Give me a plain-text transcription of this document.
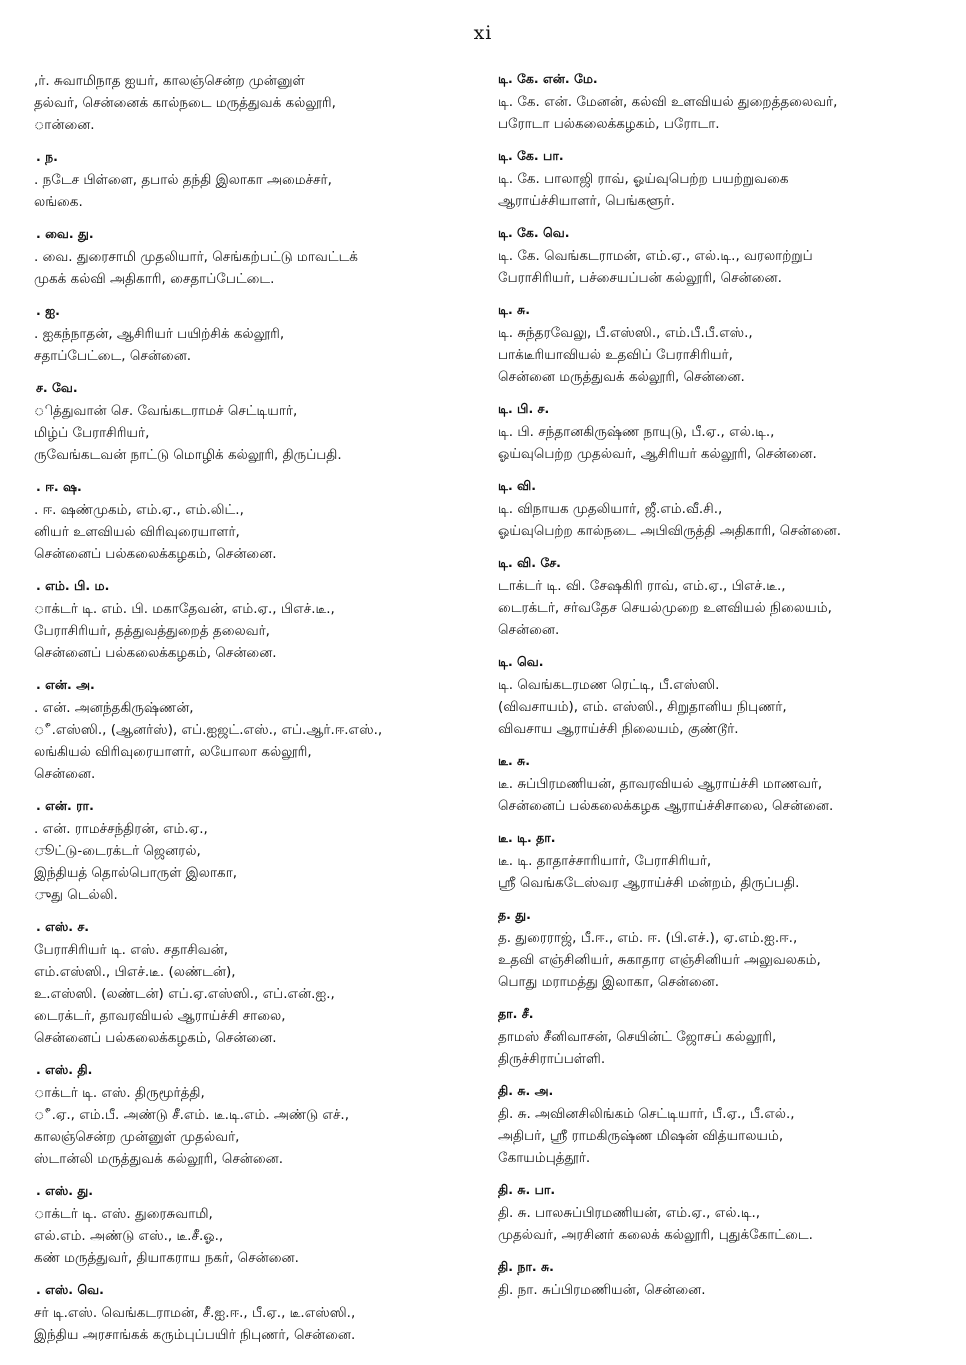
xi
,ர். சுவாமிநாத ஐயர், காலஞ்சென்ற முன்னுள்
தல்வர், சென்னைக் கால்நடை மருத்துவக் கல்லூரி,
ான்னை.
. ந.
. நடேச பிள்ளை, தபால் தந்தி இலாகா அமைச்சர்,
லங்கை.
. வை. து.
. வை. துரைசாமி முதலியார், செங்கற்பட்டு மாவட்டக்
முகக் கல்வி அதிகாரி, சைதாப்பேட்டை.
. ஐ.
. ஐகந்நாதன், ஆசிரியர் பயிற்சிக் கல்லூரி,
சதாப்பேட்டை, சென்னை.
ச. வே.
ித்துவான் செ. வேங்கடராமச் செட்டியார்,
மிழ்ப் பேராசிரியர்,
ருவேங்கடவன் நாட்டு மொழிக் கல்லூரி, திருப்பதி.
. ஈ. ஷ.
. ஈ. ஷண்முகம், எம்.ஏ., எம்.லிட்.,
னியர் உளவியல் விரிவுரையாளர்,
சென்னைப் பல்கலைக்கழகம், சென்னை.
. எம். பி. ம.
ாக்டர் டி. எம். பி. மகாதேவன், எம்.ஏ., பிஎச்.டீ.,
பேராசிரியர், தத்துவத்துறைத் தலைவர்,
சென்னைப் பல்கலைக்கழகம், சென்னை.
. என். அ.
. என். அனந்தகிருஷ்ணன்,
ீ.எஸ்ஸி., (ஆனர்ஸ்), எப்.ஐஜட்.எஸ்., எப்.ஆர்.ஈ.எஸ்.,
லங்கியல் விரிவுரையாளர், லயோலா கல்லூரி,
சென்னை.
. என். ரா.
. என். ராமச்சந்திரன், எம்.ஏ.,
ூட்டு-டைரக்டர் ஜெனரல்,
இந்தியத் தொல்பொருள் இலாகா,
ுது டெல்லி.
. எஸ். ச.
பேராசிரியர் டி. எஸ். சதாசிவன்,
எம்.எஸ்ஸி., பிஎச்.டீ. (லண்டன்),
உ.எஸ்ஸி. (லண்டன்) எப்.ஏ.எஸ்ஸி., எப்.என்.ஐ.,
டைரக்டர், தாவரவியல் ஆராய்ச்சி சாலை,
சென்னைப் பல்கலைக்கழகம், சென்னை.
. எஸ். தி.
ாக்டர் டி. எஸ். திருமூர்த்தி,
ீ.ஏ., எம்.பீ. அண்டு சீ.எம். டீ.டி.எம். அண்டு எச்.,
காலஞ்சென்ற முன்னுள் முதல்வர்,
ஸ்டான்லி மருத்துவக் கல்லூரி, சென்னை.
. எஸ். து.
ாக்டர் டி. எஸ். துரைசுவாமி,
எல்.எம். அண்டு எஸ்., டீ.சீ.ஓ.,
கண் மருத்துவர், தியாகராய நகர், சென்னை.
. எஸ். வெ.
சர் டி.எஸ். வெங்கடராமன், சீ.ஐ.ஈ., பீ.ஏ., டீ.எஸ்ஸி.,
இந்திய அரசாங்கக் கரும்புப்பயிர் நிபுணர், சென்னை.
டி. கே. என். மே.
டி. கே. என். மேனன், கல்வி உளவியல் துறைத்தலைவர்,
பரோடா பல்கலைக்கழகம், பரோடா.
டி. கே. பா.
டி. கே. பாலாஜி ராவ், ஓய்வுபெற்ற பயற்றுவகை
ஆராய்ச்சியாளர், பெங்களூர்.
டி. கே. வெ.
டி. கே. வெங்கடராமன், எம்.ஏ., எல்.டி., வரலாற்றுப்
பேராசிரியர், பச்சையப்பன் கல்லூரி, சென்னை.
டி. சு.
டி. சுந்தரவேலு, பீ.எஸ்ஸி., எம்.பீ.பீ.எஸ்.,
பாக்டீரியாவியல் உதவிப் பேராசிரியர்,
சென்னை மருத்துவக் கல்லூரி, சென்னை.
டி. பி. ச.
டி. பி. சந்தானகிருஷ்ண நாயுடு, பீ.ஏ., எல்.டி.,
ஓய்வுபெற்ற முதல்வர், ஆசிரியர் கல்லூரி, சென்னை.
டி. வி.
டி. விநாயக முதலியார், ஜீ.எம்.வீ.சி.,
ஓய்வுபெற்ற கால்நடை அபிவிருத்தி அதிகாரி, சென்னை.
டி. வி. சே.
டாக்டர் டி. வி. சேஷகிரி ராவ், எம்.ஏ., பிஎச்.டீ.,
டைரக்டர், சர்வதேச செயல்முறை உளவியல் நிலையம்,
சென்னை.
டி. வெ.
டி. வெங்கடரமண ரெட்டி, பீ.எஸ்ஸி.
(விவசாயம்), எம். எஸ்ஸி., சிறுதானிய நிபுணர்,
விவசாய ஆராய்ச்சி நிலையம், குண்டூர்.
டீ. சு.
டீ. சுப்பிரமணியன், தாவரவியல் ஆராய்ச்சி மாணவர்,
சென்னைப் பல்கலைக்கழக ஆராய்ச்சிசாலை, சென்னை.
டீ. டி. தா.
டீ. டி. தாதாச்சாரியார், பேராசிரியர்,
ஸ்ரீ வெங்கடேஸ்வர ஆராய்ச்சி மன்றம், திருப்பதி.
த. து.
த. துரைராஜ், பீ.ஈ., எம். ஈ. (பி.எச்.), ஏ.எம்.ஐ.ஈ.,
உதவி எஞ்சினியர், சுகாதார எஞ்சினியர் அலுவலகம்,
பொது மராமத்து இலாகா, சென்னை.
தா. சீ.
தாமஸ் சீனிவாசன், செயின்ட் ஜோசப் கல்லூரி,
திருச்சிராப்பள்ளி.
தி. சு. அ.
தி. சு. அவினசிலிங்கம் செட்டியார், பீ.ஏ., பீ.எல்.,
அதிபர், ஸ்ரீ ராமகிருஷ்ண மிஷன் வித்யாலயம்,
கோயம்புத்தூர்.
தி. சு. பா.
தி. சு. பாலசுப்பிரமணியன், எம்.ஏ., எல்.டி.,
முதல்வர், அரசினர் கலைக் கல்லூரி, புதுக்கோட்டை.
தி. நா. சு.
தி. நா. சுப்பிரமணியன், சென்னை.
